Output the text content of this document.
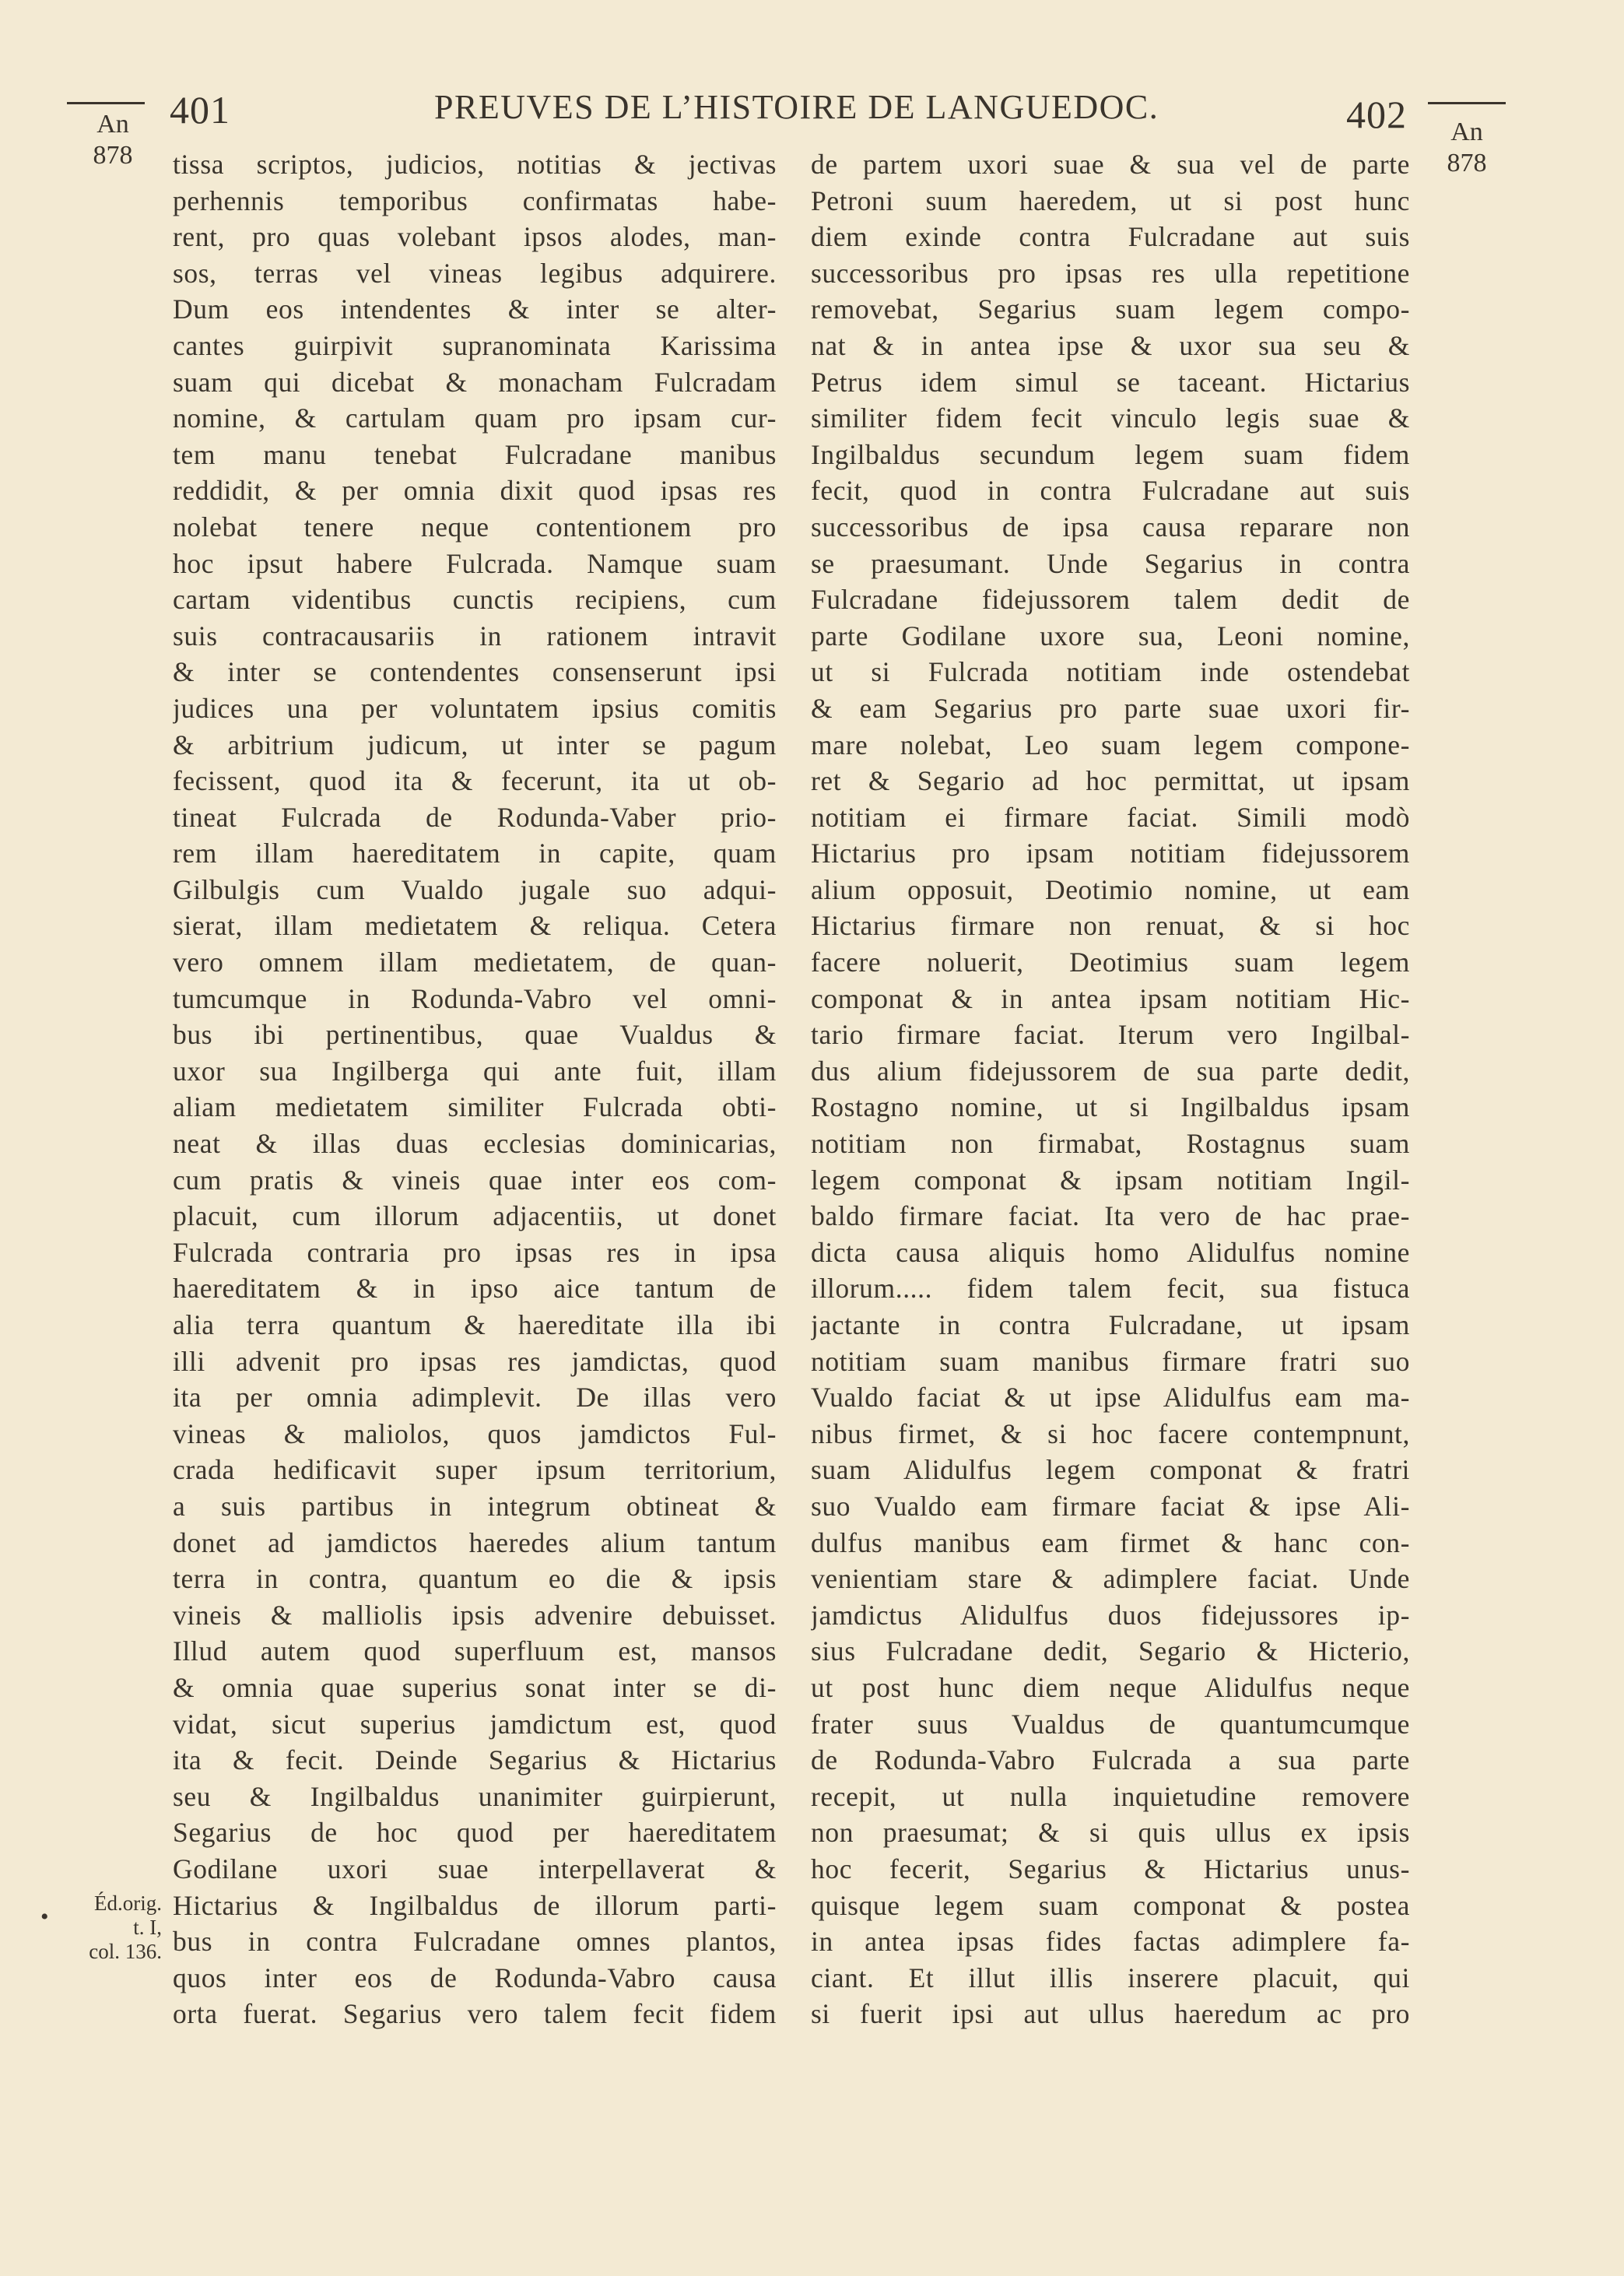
401	PREUVES DE L’HISTOIRE DE LANGUEDOC.	402
An
878
An
878
•
Éd.orig.
t. I,
col. 136.
tissa scriptos, judicios, notitias & jectivas
perhennis temporibus confirmatas habe-
rent, pro quas volebant ipsos alodes, man-
sos, terras vel vineas legibus adquirere.
Dum eos intendentes & inter se alter-
cantes guirpivit supranominata Karissima
suam qui dicebat & monacham Fulcradam
nomine, & cartulam quam pro ipsam cur-
tem manu tenebat Fulcradane manibus
reddidit, & per omnia dixit quod ipsas res
nolebat tenere neque contentionem pro
hoc ipsut habere Fulcrada. Namque suam
cartam videntibus cunctis recipiens, cum
suis contracausariis in rationem intravit
& inter se contendentes consenserunt ipsi
judices una per voluntatem ipsius comitis
& arbitrium judicum, ut inter se pagum
fecissent, quod ita & fecerunt, ita ut ob-
tineat Fulcrada de Rodunda-Vaber prio-
rem illam haereditatem in capite, quam
Gilbulgis cum Vualdo jugale suo adqui-
sierat, illam medietatem & reliqua. Cetera
vero omnem illam medietatem, de quan-
tumcumque in Rodunda-Vabro vel omni-
bus ibi pertinentibus, quae Vualdus &
uxor sua Ingilberga qui ante fuit, illam
aliam medietatem similiter Fulcrada obti-
neat & illas duas ecclesias dominicarias,
cum pratis & vineis quae inter eos com-
placuit, cum illorum adjacentiis, ut donet
Fulcrada contraria pro ipsas res in ipsa
haereditatem & in ipso aice tantum de
alia terra quantum & haereditate illa ibi
illi advenit pro ipsas res jamdictas, quod
ita per omnia adimplevit. De illas vero
vineas & maliolos, quos jamdictos Ful-
crada hedificavit super ipsum territorium,
a suis partibus in integrum obtineat &
donet ad jamdictos haeredes alium tantum
terra in contra, quantum eo die & ipsis
vineis & malliolis ipsis advenire debuisset.
Illud autem quod superfluum est, mansos
& omnia quae superius sonat inter se di-
vidat, sicut superius jamdictum est, quod
ita & fecit. Deinde Segarius & Hictarius
seu & Ingilbaldus unanimiter guirpierunt,
Segarius de hoc quod per haereditatem
Godilane uxori suae interpellaverat &
Hictarius & Ingilbaldus de illorum parti-
bus in contra Fulcradane omnes plantos,
quos inter eos de Rodunda-Vabro causa
orta fuerat. Segarius vero talem fecit fidem
de partem uxori suae & sua vel de parte
Petroni suum haeredem, ut si post hunc
diem exinde contra Fulcradane aut suis
successoribus pro ipsas res ulla repetitione
removebat, Segarius suam legem compo-
nat & in antea ipse & uxor sua seu &
Petrus idem simul se taceant. Hictarius
similiter fidem fecit vinculo legis suae &
Ingilbaldus secundum legem suam fidem
fecit, quod in contra Fulcradane aut suis
successoribus de ipsa causa reparare non
se praesumant. Unde Segarius in contra
Fulcradane fidejussorem talem dedit de
parte Godilane uxore sua, Leoni nomine,
ut si Fulcrada notitiam inde ostendebat
& eam Segarius pro parte suae uxori fir-
mare nolebat, Leo suam legem compone-
ret & Segario ad hoc permittat, ut ipsam
notitiam ei firmare faciat. Simili modò
Hictarius pro ipsam notitiam fidejussorem
alium opposuit, Deotimio nomine, ut eam
Hictarius firmare non renuat, & si hoc
facere noluerit, Deotimius suam legem
componat & in antea ipsam notitiam Hic-
tario firmare faciat. Iterum vero Ingilbal-
dus alium fidejussorem de sua parte dedit,
Rostagno nomine, ut si Ingilbaldus ipsam
notitiam non firmabat, Rostagnus suam
legem componat & ipsam notitiam Ingil-
baldo firmare faciat. Ita vero de hac prae-
dicta causa aliquis homo Alidulfus nomine
illorum..... fidem talem fecit, sua fistuca
jactante in contra Fulcradane, ut ipsam
notitiam suam manibus firmare fratri suo
Vualdo faciat & ut ipse Alidulfus eam ma-
nibus firmet, & si hoc facere contempnunt,
suam Alidulfus legem componat & fratri
suo Vualdo eam firmare faciat & ipse Ali-
dulfus manibus eam firmet & hanc con-
venientiam stare & adimplere faciat. Unde
jamdictus Alidulfus duos fidejussores ip-
sius Fulcradane dedit, Segario & Hicterio,
ut post hunc diem neque Alidulfus neque
frater suus Vualdus de quantumcumque
de Rodunda-Vabro Fulcrada a sua parte
recepit, ut nulla inquietudine removere
non praesumat; & si quis ullus ex ipsis
hoc fecerit, Segarius & Hictarius unus-
quisque legem suam componat & postea
in antea ipsas fides factas adimplere fa-
ciant. Et illut illis inserere placuit, qui
si fuerit ipsi aut ullus haeredum ac pro
